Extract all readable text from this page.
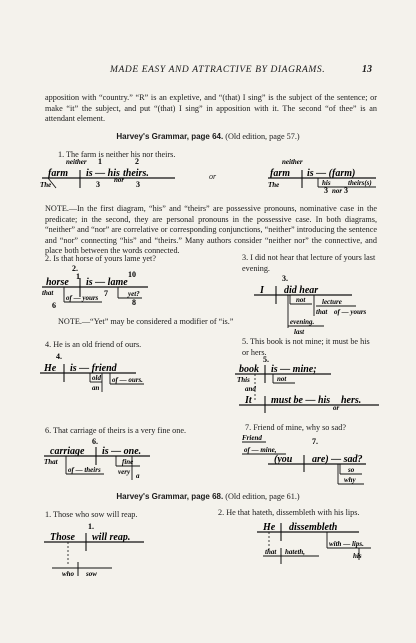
MADE EASY AND ATTRACTIVE BY DIAGRAMS.	13
apposition with “country.” “R” is an expletive, and “(that) I sing” is the subject of the sentence; or make “it” the subject, and put “(that) I sing” in apposition with it. The second “of thee” is an attendant element.
Harvey's Grammar, page 64. (Old edition, page 57.)
1. The farm is neither his nor theirs.
neither 1	2
farm is — his theirs.
The	3 nor 3
or
neither
farm is — (farm)
The	his theirs(s)
3 nor 3
NOTE.—In the first diagram, “his” and “theirs” are possessive pronouns, nominative case in the predicate; in the second, they are personal pronouns in the possessive case. In both diagrams, “neither” and “nor” are correlative or corresponding conjunctions, “neither” introducing the sentence and “nor” connecting “his” and “theirs.” Many authors consider “neither nor” the connective, and place both between the words connected.
2. Is that horse of yours lame yet?
2.
1	10
horse is — lame
that
of — yours 7	yet?
8
6
NOTE.—“Yet” may be considered a modifier of “is.”
3. I did not hear that lecture of yours last evening.
3.
I did hear
not lecture
that of — yours
evening.
last
4. He is an old friend of ours.
4.
He is — friend
old
an
of — ours.
5. This book is not mine; it must be his or hers.
5.
book is — mine;
This	not
and
It must be — his hers.
or
6. That carriage of theirs is a very fine one.
6.
carriage is — one.
That	fine
of — theirs very a
7. Friend of mine, why so sad?
Friend
of — mine,
7.
(you are) — sad?
so
why
Harvey's Grammar, page 68. (Old edition, page 61.)
1. Those who sow will reap.
1.
Those will reap.
who sow
2. He that hateth, dissembleth with his lips.
He dissembleth
that hateth,
with — lips.
his
